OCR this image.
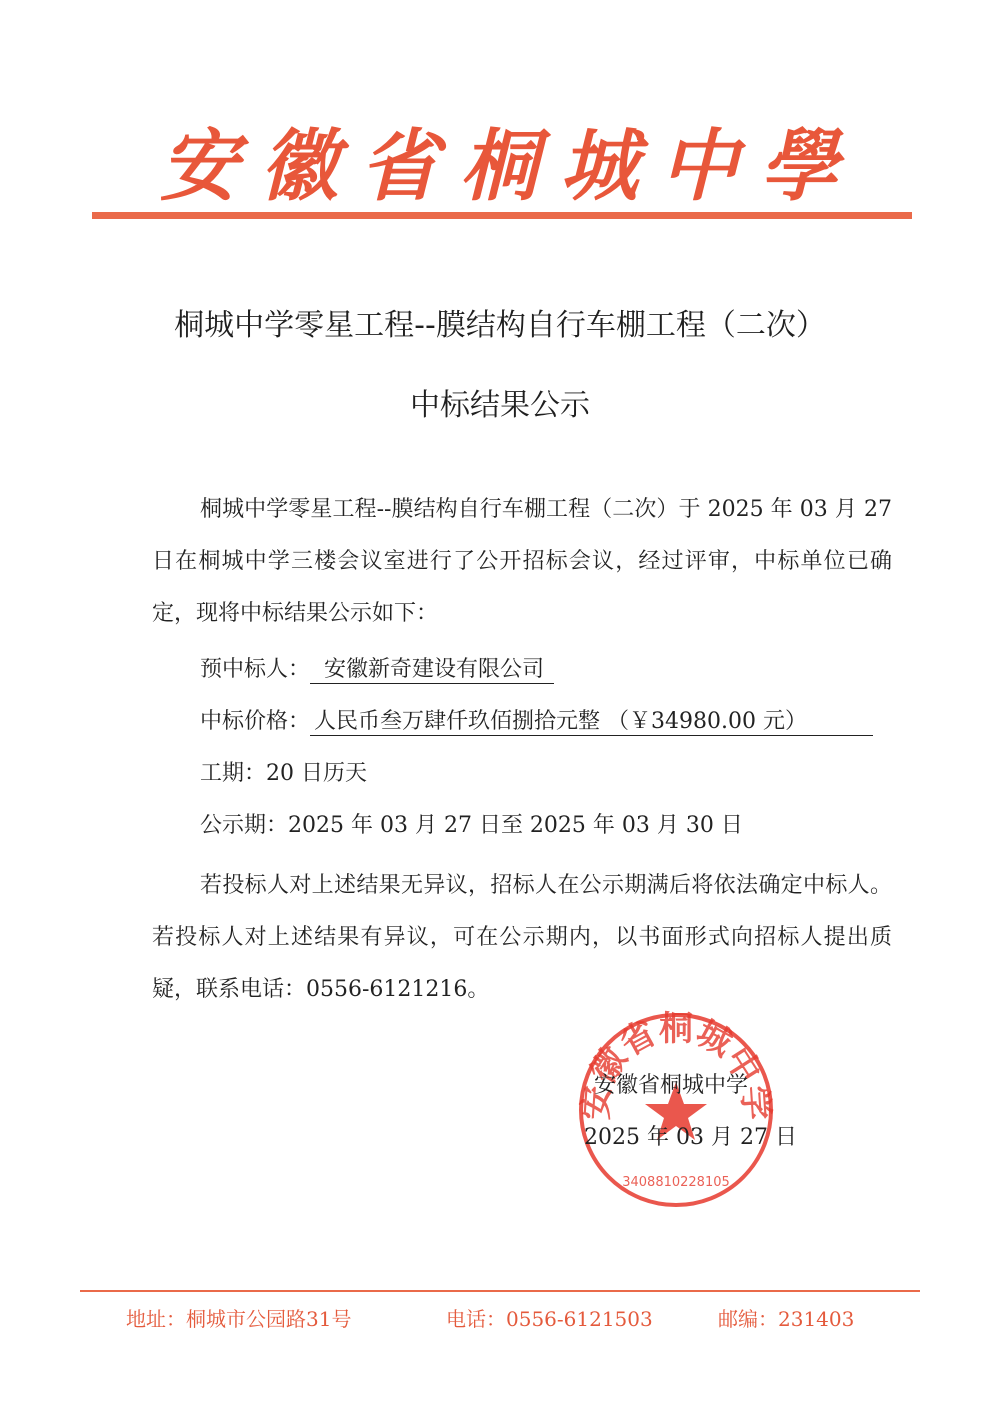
安 徽 省 桐 城 中 學
桐城中学零星工程--膜结构自行车棚工程（二次）
中标结果公示
桐城中学零星工程--膜结构自行车棚工程（二次）于 2025 年 03 月 27 日在桐城中学三楼会议室进行了公开招标会议，经过评审，中标单位已确定，现将中标结果公示如下：
预中标人： 安徽新奇建设有限公司
中标价格： 人民币叁万肆仟玖佰捌拾元整 （￥34980.00 元）
工期：20 日历天
公示期：2025 年 03 月 27 日至 2025 年 03 月 30 日
若投标人对上述结果无异议，招标人在公示期满后将依法确定中标人。若投标人对上述结果有异议，可在公示期内，以书面形式向招标人提出质疑，联系电话：0556-6121216。
安徽省桐城中学
3408810228105
安徽省桐城中学
2025 年 03 月 27 日
地址：桐城市公园路31号	电话：0556-6121503	邮编：231403
